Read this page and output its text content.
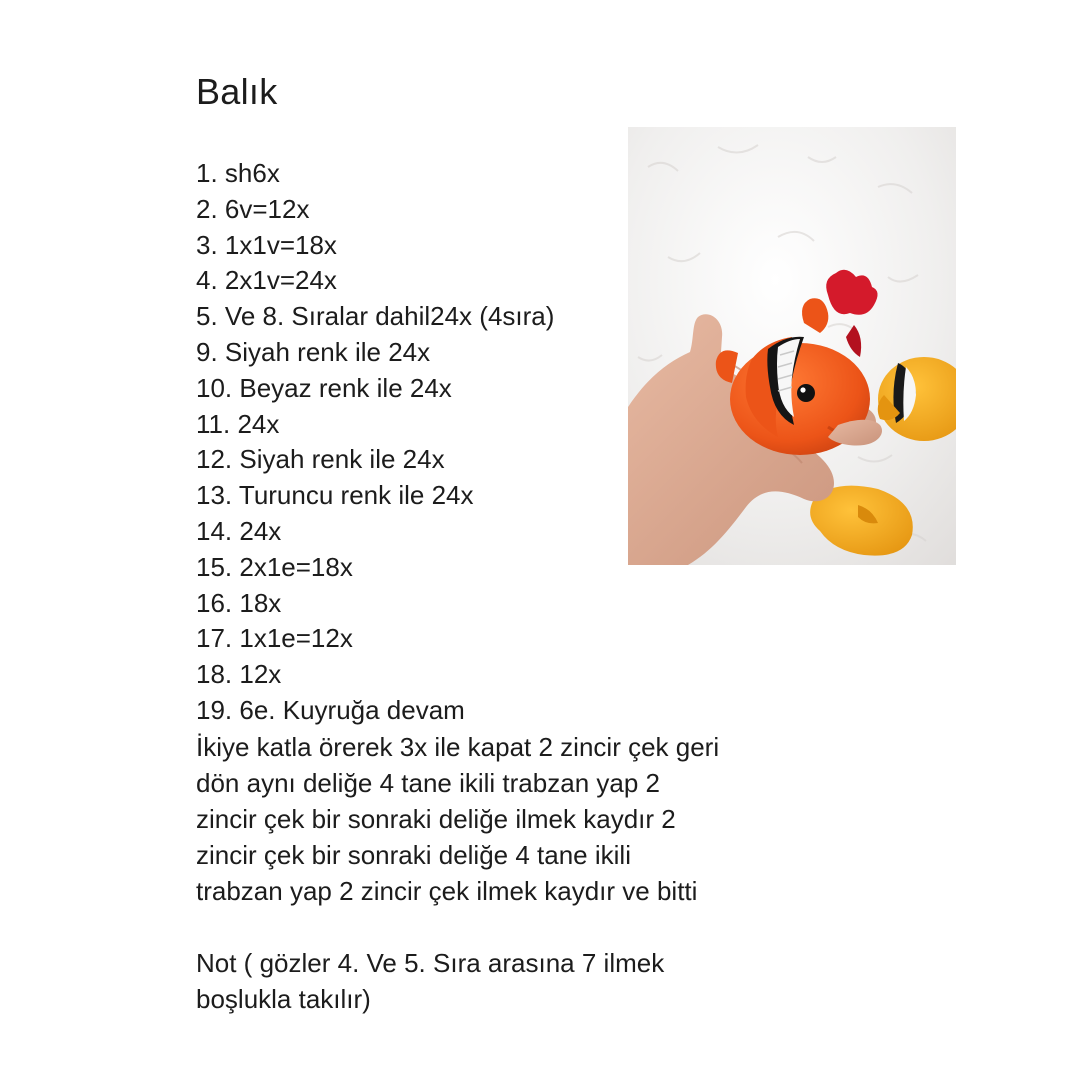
Balık
1. sh6x
2. 6v=12x
3. 1x1v=18x
4. 2x1v=24x
5. Ve 8. Sıralar dahil24x (4sıra)
9. Siyah renk ile 24x
10. Beyaz renk ile 24x
11. 24x
12. Siyah renk ile 24x
13. Turuncu renk ile 24x
14. 24x
15. 2x1e=18x
16. 18x
17. 1x1e=12x
18. 12x
19. 6e. Kuyruğa devam

İkiye katla örerek 3x ile kapat 2 zincir çek geri
dön aynı deliğe 4 tane ikili trabzan yap 2
zincir çek bir sonraki deliğe ilmek kaydır 2
zincir çek bir sonraki deliğe 4 tane ikili
trabzan yap 2 zincir çek ilmek kaydır ve bitti

Not ( gözler 4. Ve 5. Sıra arasına 7 ilmek
boşlukla takılır)
